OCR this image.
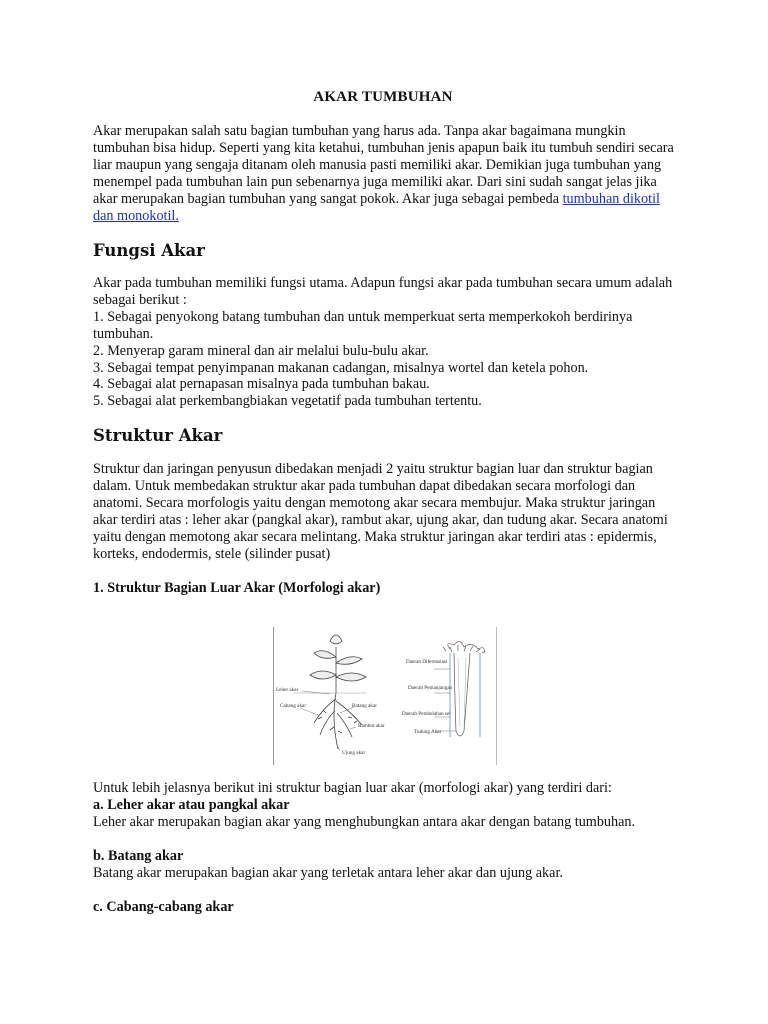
AKAR TUMBUHAN

Akar merupakan salah satu bagian tumbuhan yang harus ada. Tanpa akar bagaimana mungkin tumbuhan bisa hidup. Seperti yang kita ketahui, tumbuhan jenis apapun baik itu tumbuh sendiri secara liar maupun yang sengaja ditanam oleh manusia pasti memiliki akar. Demikian juga tumbuhan yang menempel pada tumbuhan lain pun sebenarnya juga memiliki akar. Dari sini sudah sangat jelas jika akar merupakan bagian tumbuhan yang sangat pokok. Akar juga sebagai pembeda tumbuhan dikotil dan monokotil.

Fungsi Akar

Akar pada tumbuhan memiliki fungsi utama. Adapun fungsi akar pada tumbuhan secara umum adalah sebagai berikut :

1. Sebagai penyokong batang tumbuhan dan untuk memperkuat serta memperkokoh berdirinya tumbuhan.

2. Menyerap garam mineral dan air melalui bulu-bulu akar.

3. Sebagai tempat penyimpanan makanan cadangan, misalnya wortel dan ketela pohon.

4. Sebagai alat pernapasan misalnya pada tumbuhan bakau.

5. Sebagai alat perkembangbiakan vegetatif pada tumbuhan tertentu.

Struktur Akar

Struktur dan jaringan penyusun dibedakan menjadi 2 yaitu struktur bagian luar dan struktur bagian dalam. Untuk membedakan struktur akar pada tumbuhan dapat dibedakan secara morfologi dan anatomi. Secara morfologis yaitu dengan memotong akar secara membujur. Maka struktur jaringan akar terdiri atas : leher akar (pangkal akar), rambut akar, ujung akar, dan tudung akar. Secara anatomi yaitu dengan memotong akar secara melintang. Maka struktur jaringan akar terdiri atas : epidermis, korteks, endodermis, stele (silinder pusat)

1. Struktur Bagian Luar Akar (Morfologi akar)

Untuk lebih jelasnya berikut ini struktur bagian luar akar (morfologi akar) yang terdiri dari:

a. Leher akar atau pangkal akar

Leher akar merupakan bagian akar yang menghubungkan antara akar dengan batang tumbuhan.

b. Batang akar

Batang akar merupakan bagian akar yang terletak antara leher akar dan ujung akar.

c. Cabang-cabang akar

Leher akar
Cabang akar	Batang akar
Rambut akar
Ujung akar
Daerah Diferensiasi
Daerah Pemanjangan
Daerah Pembelahan sel
Tudung Akar
